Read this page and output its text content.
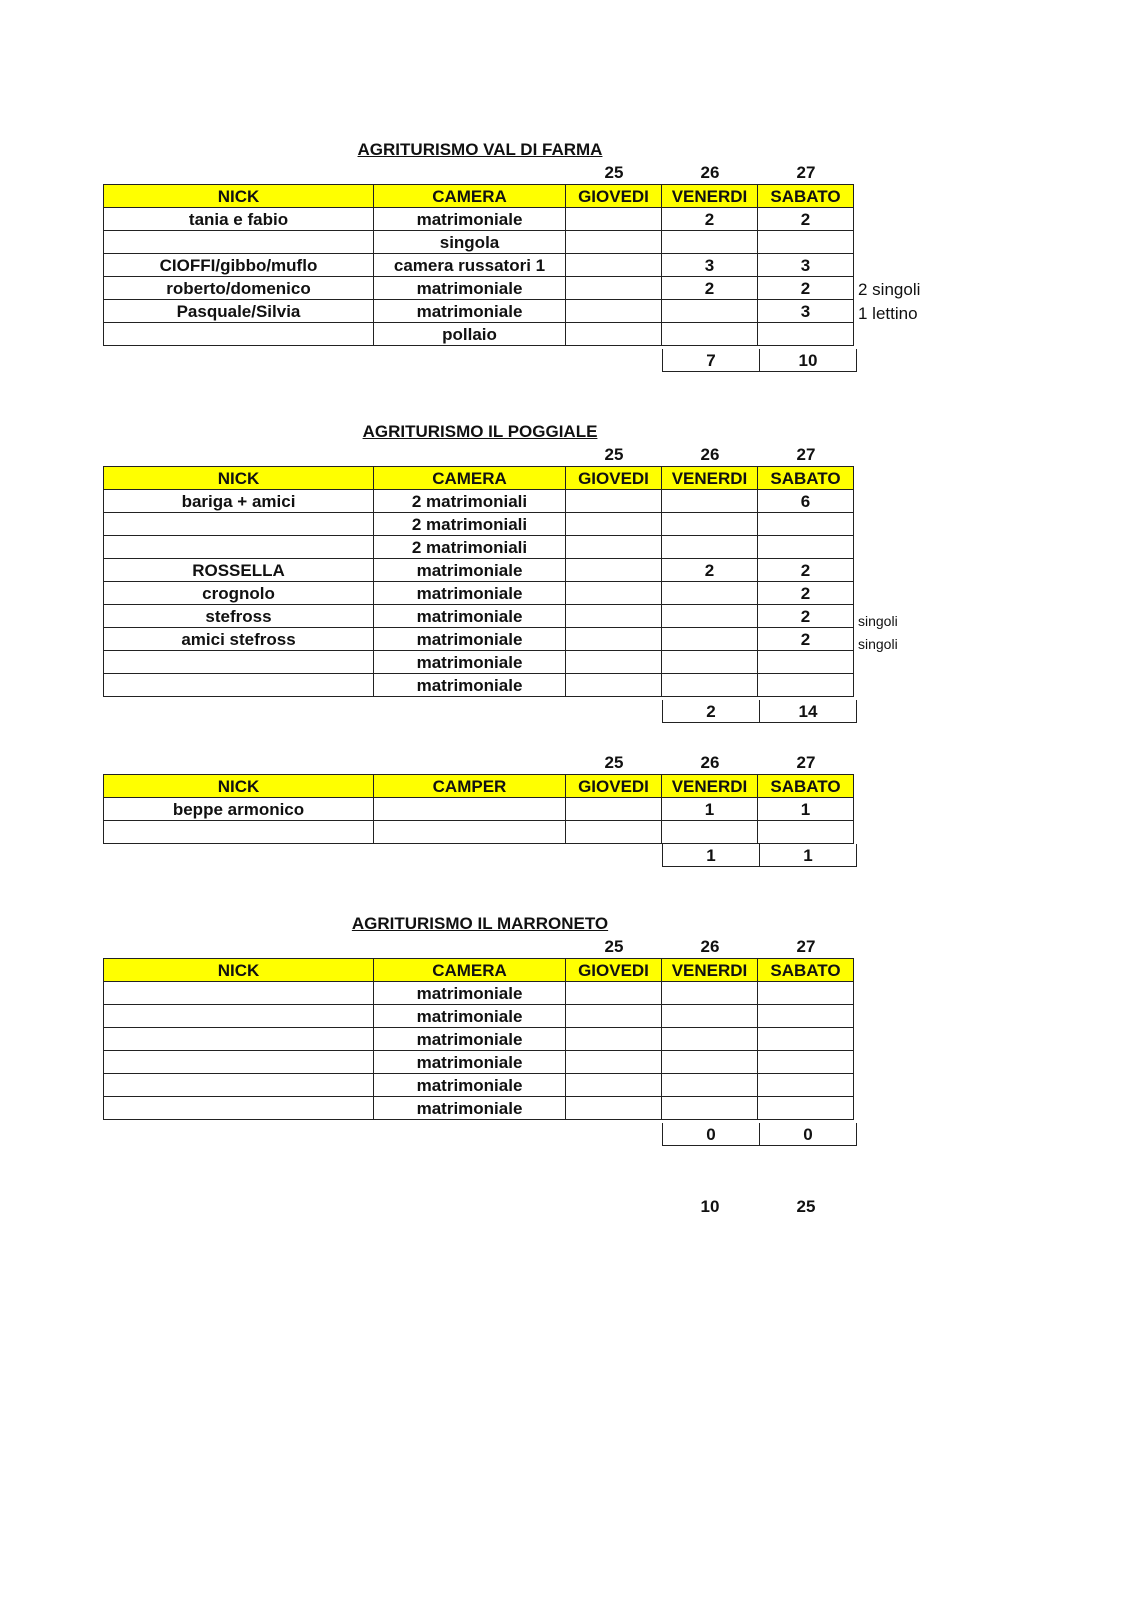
AGRITURISMO VAL DI FARMA
25	26	27
NICK	CAMERA	GIOVEDI	VENERDI	SABATO
tania e fabio	matrimoniale		2	2
	singola			
CIOFFI/gibbo/muflo	camera russatori 1		3	3
roberto/domenico	matrimoniale		2	2
Pasquale/Silvia	matrimoniale			3
	pollaio			
2 singoli
1 lettino
7	10
AGRITURISMO IL POGGIALE
25	26	27
NICK	CAMERA	GIOVEDI	VENERDI	SABATO
bariga + amici	2 matrimoniali			6
	2 matrimoniali			
	2 matrimoniali			
ROSSELLA	matrimoniale		2	2
crognolo	matrimoniale			2
stefross	matrimoniale			2
amici stefross	matrimoniale			2
	matrimoniale			
	matrimoniale			
singoli
singoli
2	14
25	26	27
NICK	CAMPER	GIOVEDI	VENERDI	SABATO
beppe armonico			1	1

1	1
AGRITURISMO IL MARRONETO
25	26	27
NICK	CAMERA	GIOVEDI	VENERDI	SABATO
	matrimoniale			
	matrimoniale			
	matrimoniale			
	matrimoniale			
	matrimoniale			
	matrimoniale			
0	0
10	25
